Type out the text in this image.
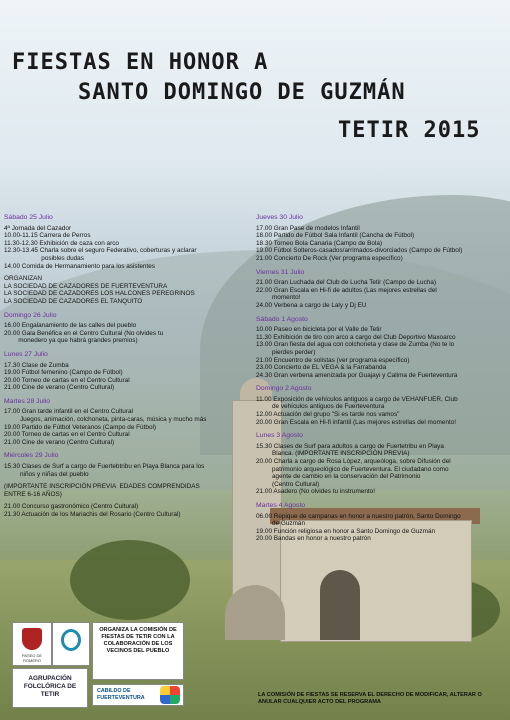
FIESTAS EN HONOR A
SANTO DOMINGO DE GUZMÁN
TETIR 2015
Sábado 25 Julio
4ª Jornada del Cazador
10.00-11.15 Carrera de Perros
11.30-12.30 Exhibición de caza con arco
12.30-13.45 Charla sobre el seguro Federativo, coberturas y aclarar
posibles dudas
14.00 Comida de Hermanamiento para los asistentes
ORGANIZAN
LA SOCIEDAD DE CAZADORES DE FUERTEVENTURA
LA SOCIEDAD DE CAZADORES LOS HALCONES PEREGRINOS
LA SOCIEDAD DE CAZADORES EL TANQUITO
Domingo 26 Julio
16.00 Engalanamiento de las calles del pueblo
20.00 Gala Benéfica en el Centro Cultural (No olvides tu
monedero ya que habrá grandes premios)
Lunes 27 Julio
17.30 Clase de Zumba
19.00 Fútbol femenino (Campo de Fútbol)
20.00 Torneo de cartas en el Centro Cultural
21.00 Cine de verano (Centro Cultural)
Martes 28 Julio
17.00 Gran tarde infantil en el Centro Cultural
Juegos, animación, colchoneta, pinta-caras, música y mucho más
19.00 Partido de Fútbol Veteranos (Campo de Fútbol)
20.00 Torneo de cartas en el Centro Cultural
21.00 Cine de verano (Centro Cultural)
Miércoles 29 Julio
15.30 Clases de Surf a cargo de Fuertebtribu en Playa Blanca para los
niños y niñas del pueblo
(IMPORTANTE INSCRIPCIÓN PREVIA  EDADES COMPRENDIDAS
ENTRE 6-16 AÑOS)
21.00 Concurso gastronómico (Centro Cultural)
21.30 Actuación de los Mariachis del Rosario (Centro Cultural)
Jueves 30 Julio
17.00 Gran Pase de modelos Infantil
18.00 Partido de Fútbol Sala Infantil (Cancha de Fútbol)
18.30 Torneo Bola Canaria (Campo de Bola)
19.00 Fútbol Solteros-casados/arrimados-divorciados (Campo de Fútbol)
21.00 Concierto De Rock (Ver programa específico)
Viernes 31 Julio
21.00 Gran Luchada del Club de Lucha Tetir (Campo de Lucha)
22.00 Gran Escala en Hi-fi de adultos (Las mejores estrellas del
momento!
24.00 Verbena a cargo de Laly y Dj EU
Sábado 1 Agosto
10.00 Paseo en bicicleta por el Valle de Tetir
11.30 Exhibición de tiro con arco a cargo del Club Deportivo Maxoarco
13.00 Gran fiesta del agua con colchoneta y clase de Zumba (No te lo
pierdes perder)
21.00 Encuentro de solistas (ver programa específico)
23.00 Concierto de EL VEGA & la Farrabanda
24.30 Gran verbena amenizada por Guajayi y Calima de Fuerteventura
Domingo 2 Agosto
11.00 Exposición de vehículos antiguos a cargo de VEHANFUER, Club
de vehículos antiguos de Fuerteventura
12.00 Actuación del grupo "Si es tarde nos vamos"
20.00 Gran Escala en Hi-fi infantil (Las mejores estrellas del momento!
Lunes 3 Agosto
15.30 Clases de Surf para adultos a cargo de Fuertetribu en Playa
Blanca. (IMPORTANTE INSCRIPCIÓN PREVIA)
20.00 Charla a cargo de Rosa López, arqueóloga, sobre Difusión del
patrimonio arqueológico de Fuerteventura. El ciudadano como
agente de cambio en la conservación del Patrimonio
(Centro Cultural)
21.00 Asadero (No olvides tu instrumento!
Martes 4 Agosto
06.00 Repique de campanas en honor a nuestro patrón, Santo Domingo
de Guzmán
19.00 Función religiosa en honor a Santo Domingo de Guzmán
20.00 Bandas en honor a nuestro patrón
PASEO DE ROMERO
ORGANIZA LA COMISIÓN DE FIESTAS DE TETIR CON LA COLABORACIÓN DE LOS VECINOS DEL PUEBLO
AGRUPACIÓN FOLCLÓRICA DE TETIR	CABILDO DE FUERTEVENTURA	LA COMISIÓN DE FIESTAS SE RESERVA EL DERECHO DE MODIFICAR, ALTERAR O ANULAR CUALQUIER ACTO DEL PROGRAMA
